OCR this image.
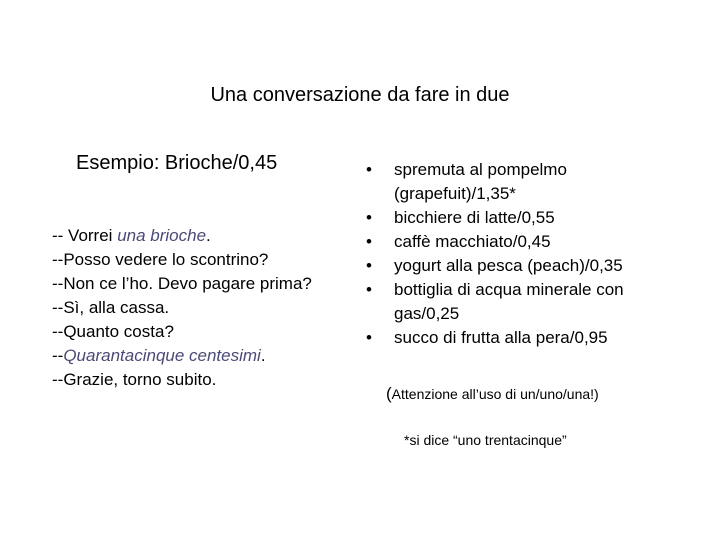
Una conversazione da fare in due
Esempio: Brioche/0,45
-- Vorrei una brioche.
--Posso vedere lo scontrino?
--Non ce l’ho. Devo pagare prima?
--Sì, alla cassa.
--Quanto costa?
--Quarantacinque centesimi.
--Grazie, torno subito.
• spremuta al pompelmo (grapefuit)/1,35*
• bicchiere di latte/0,55
• caffè macchiato/0,45
• yogurt alla pesca (peach)/0,35
• bottiglia di acqua minerale con gas/0,25
• succo di frutta alla pera/0,95
(Attenzione all’uso di un/uno/una!)
*si dice “uno trentacinque”
